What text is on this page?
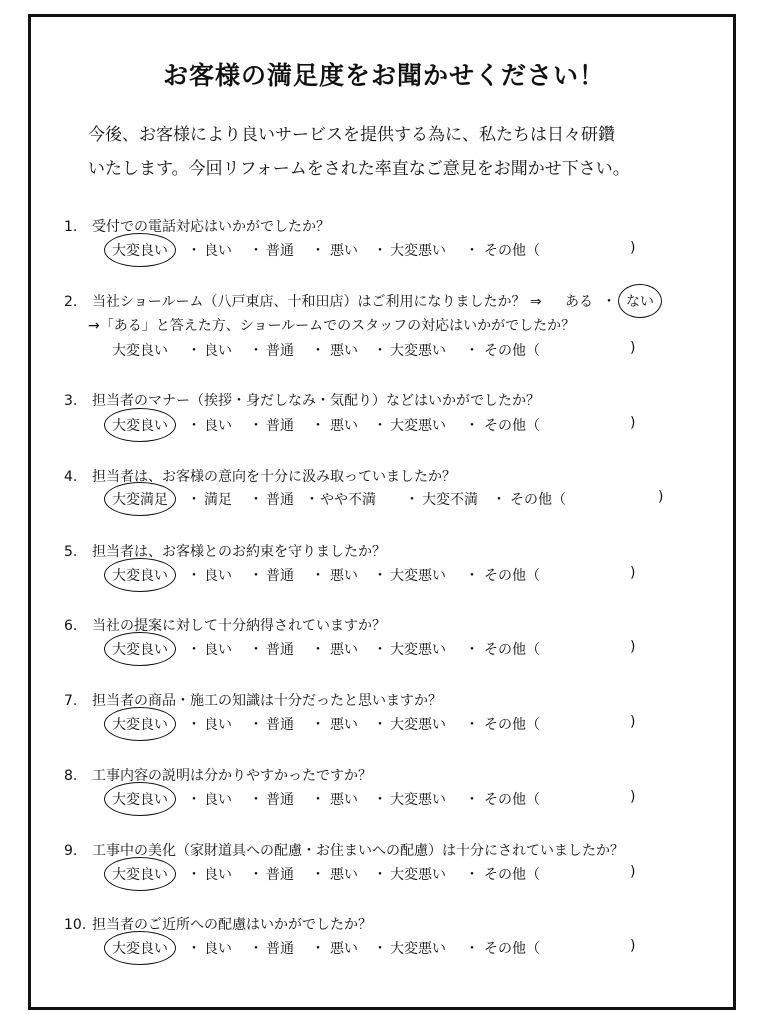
お客様の満足度をお聞かせください！
今後、お客様により良いサービスを提供する為に、私たちは日々研鑽
いたします。今回リフォームをされた率直なご意見をお聞かせ下さい。
1. 受付での電話対応はいかがでしたか？
大変良い	良い 普通	悪い 大変悪い	その他（
・	・	・	・	・	)
2. 当社ショールーム（八戸東店、十和田店）はご利用になりましたか？ ⇒ ある ない
・
→「ある」と答えた方、ショールームでのスタッフの対応はいかがでしたか？
大変良い	良い 普通	悪い 大変悪い	その他（
・	・	・	・	・	)
3. 担当者のマナー（挨拶・身だしなみ・気配り）などはいかがでしたか？
大変良い	良い 普通	悪い 大変悪い	その他（
・	・	・	・	・	)
4. 担当者は、お客様の意向を十分に汲み取っていましたか？
大変満足	満足 普通 やや不満	大変不満 その他（
・	・	・	・	・	)
5. 担当者は、お客様とのお約束を守りましたか？
大変良い	良い 普通	悪い 大変悪い	その他（
・	・	・	・	・	)
6. 当社の提案に対して十分納得されていますか？
大変良い	良い 普通	悪い 大変悪い	その他（
・	・	・	・	・	)
7. 担当者の商品・施工の知識は十分だったと思いますか？
大変良い	良い 普通	悪い 大変悪い	その他（
・	・	・	・	・	)
8. 工事内容の説明は分かりやすかったですか？
大変良い	良い 普通	悪い 大変悪い	その他（
・	・	・	・	・	)
9. 工事中の美化（家財道具への配慮・お住まいへの配慮）は十分にされていましたか？
大変良い	良い 普通	悪い 大変悪い	その他（
・	・	・	・	・	)
10. 担当者のご近所への配慮はいかがでしたか？
大変良い	良い 普通	悪い 大変悪い	その他（
・	・	・	・	・	)
